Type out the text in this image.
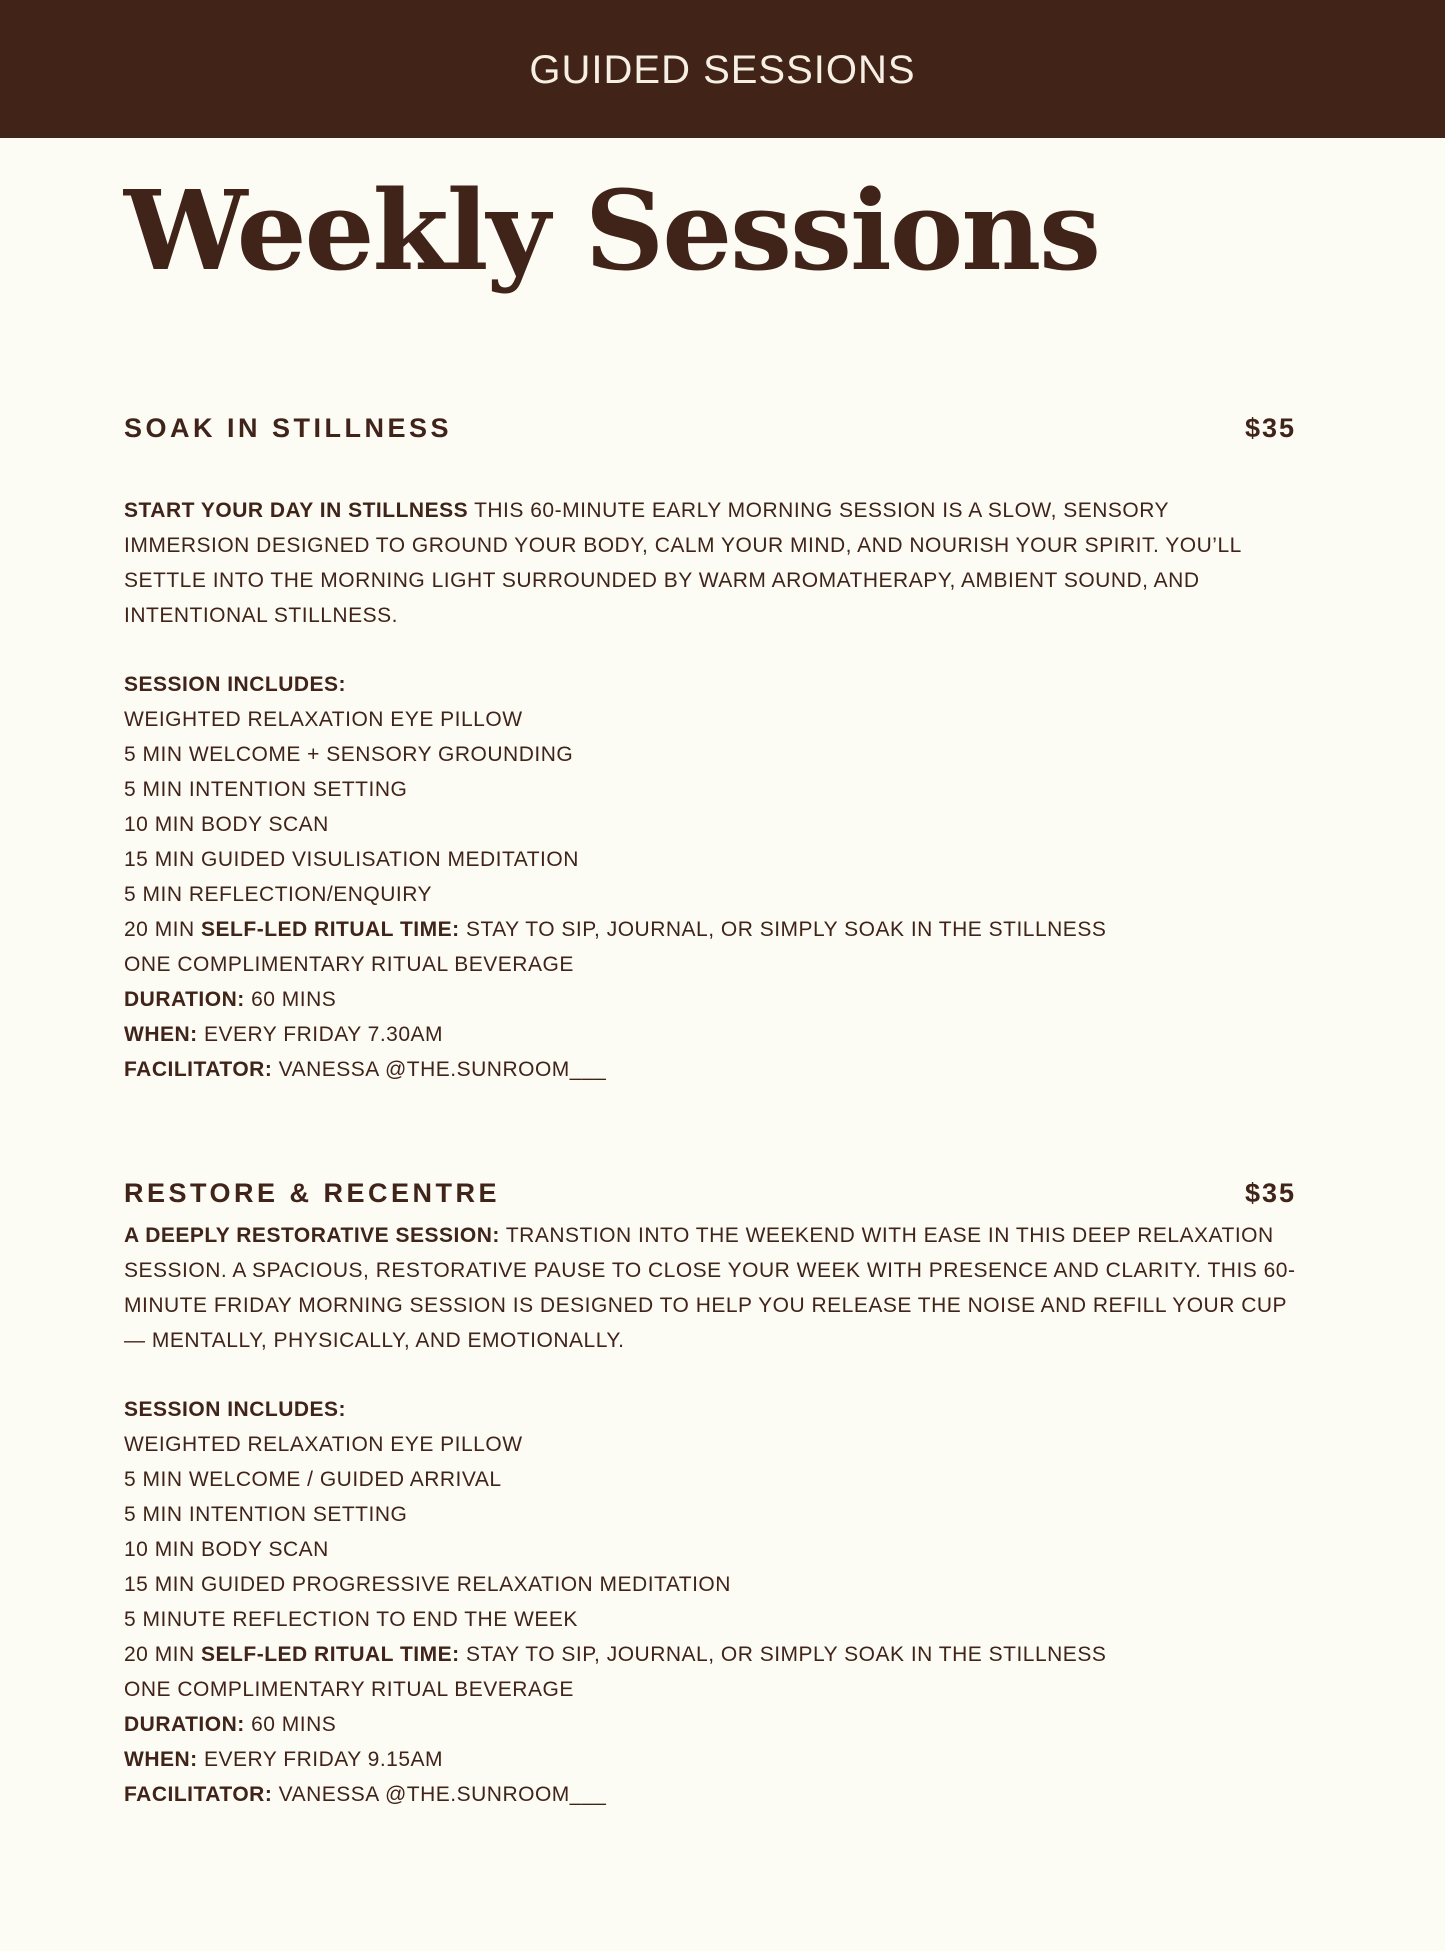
GUIDED SESSIONS
Weekly Sessions
SOAK IN STILLNESS	$35

START YOUR DAY IN STILLNESS THIS 60-MINUTE EARLY MORNING SESSION IS A SLOW, SENSORY IMMERSION DESIGNED TO GROUND YOUR BODY, CALM YOUR MIND, AND NOURISH YOUR SPIRIT. YOU’LL SETTLE INTO THE MORNING LIGHT SURROUNDED BY WARM AROMATHERAPY, AMBIENT SOUND, AND INTENTIONAL STILLNESS.

SESSION INCLUDES:

WEIGHTED RELAXATION EYE PILLOW
5 MIN WELCOME + SENSORY GROUNDING
5 MIN INTENTION SETTING
10 MIN BODY SCAN
15 MIN GUIDED VISULISATION MEDITATION
5 MIN REFLECTION/ENQUIRY
20 MIN SELF-LED RITUAL TIME: STAY TO SIP, JOURNAL, OR SIMPLY SOAK IN THE STILLNESS
ONE COMPLIMENTARY RITUAL BEVERAGE

DURATION: 60 MINS

WHEN: EVERY FRIDAY 7.30AM

FACILITATOR: VANESSA @THE.SUNROOM___

RESTORE & RECENTRE	$35

A DEEPLY RESTORATIVE SESSION: TRANSTION INTO THE WEEKEND WITH EASE IN THIS DEEP RELAXATION SESSION. A SPACIOUS, RESTORATIVE PAUSE TO CLOSE YOUR WEEK WITH PRESENCE AND CLARITY. THIS 60-MINUTE FRIDAY MORNING SESSION IS DESIGNED TO HELP YOU RELEASE THE NOISE AND REFILL YOUR CUP — MENTALLY, PHYSICALLY, AND EMOTIONALLY.

SESSION INCLUDES:

WEIGHTED RELAXATION EYE PILLOW
5 MIN WELCOME / GUIDED ARRIVAL
5 MIN INTENTION SETTING
10 MIN BODY SCAN
15 MIN GUIDED PROGRESSIVE RELAXATION MEDITATION
5 MINUTE REFLECTION TO END THE WEEK
20 MIN SELF-LED RITUAL TIME: STAY TO SIP, JOURNAL, OR SIMPLY SOAK IN THE STILLNESS
ONE COMPLIMENTARY RITUAL BEVERAGE

DURATION: 60 MINS

WHEN: EVERY FRIDAY 9.15AM

FACILITATOR: VANESSA @THE.SUNROOM___
